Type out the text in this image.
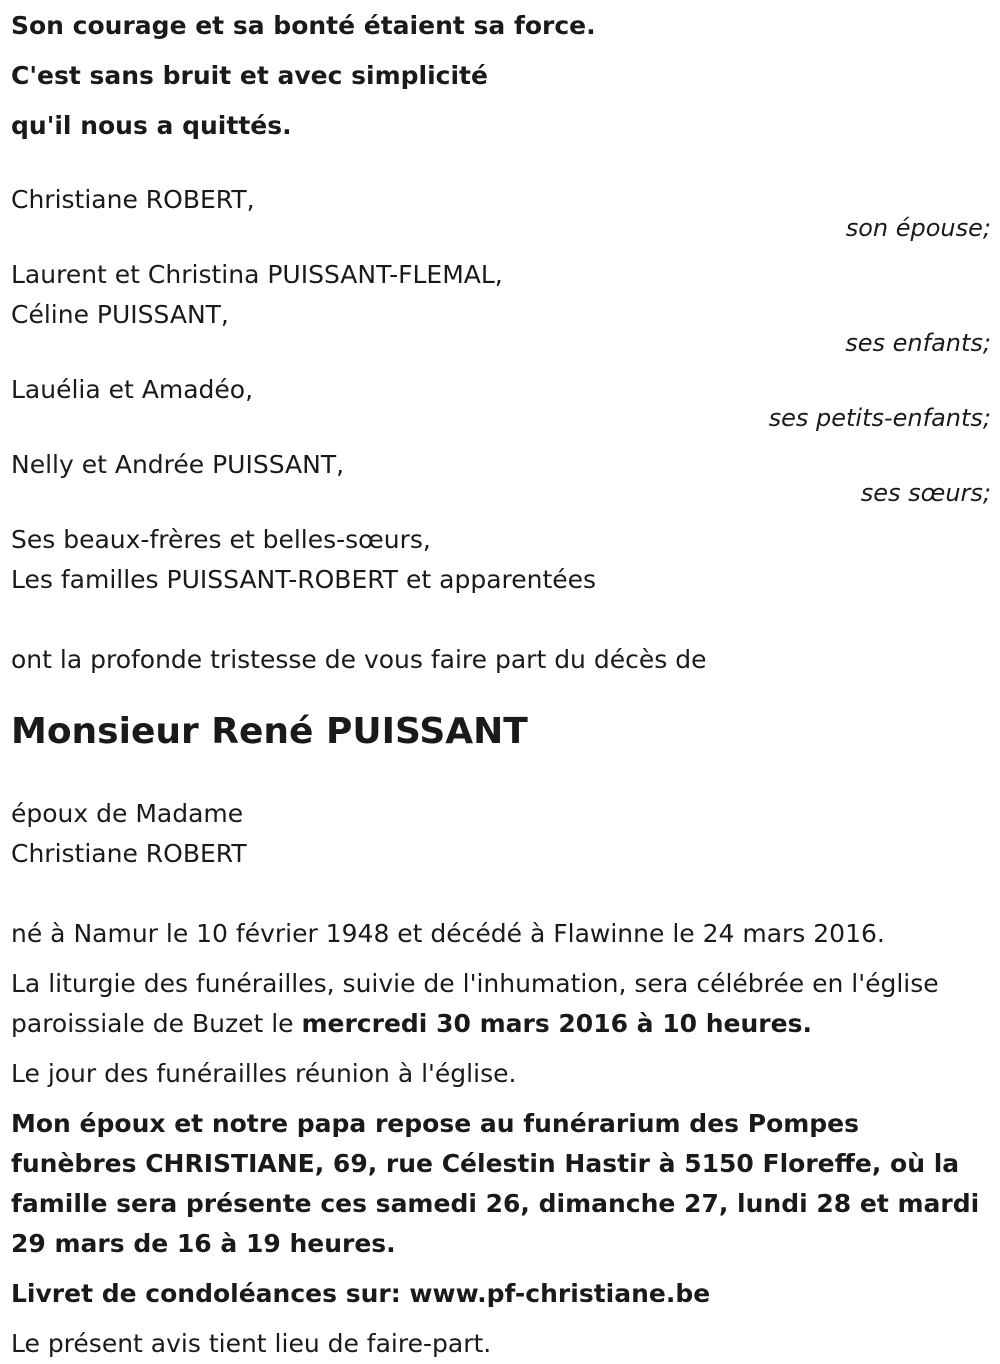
Son courage et sa bonté étaient sa force.
C'est sans bruit et avec simplicité
qu'il nous a quittés.
Christiane ROBERT,
son épouse;
Laurent et Christina PUISSANT-FLEMAL,
Céline PUISSANT,
ses enfants;
Lauélia et Amadéo,
ses petits-enfants;
Nelly et Andrée PUISSANT,
ses sœurs;
Ses beaux-frères et belles-sœurs,
Les familles PUISSANT-ROBERT et apparentées
ont la profonde tristesse de vous faire part du décès de
Monsieur René PUISSANT
époux de Madame
Christiane ROBERT
né à Namur le 10 février 1948 et décédé à Flawinne le 24 mars 2016.
La liturgie des funérailles, suivie de l'inhumation, sera célébrée en l'église paroissiale de Buzet le mercredi 30 mars 2016 à 10 heures.
Le jour des funérailles réunion à l'église.
Mon époux et notre papa repose au funérarium des Pompes funèbres CHRISTIANE, 69, rue Célestin Hastir à 5150 Floreffe, où la famille sera présente ces samedi 26, dimanche 27, lundi 28 et mardi 29 mars de 16 à 19 heures.
Livret de condoléances sur: www.pf-christiane.be
Le présent avis tient lieu de faire-part.
